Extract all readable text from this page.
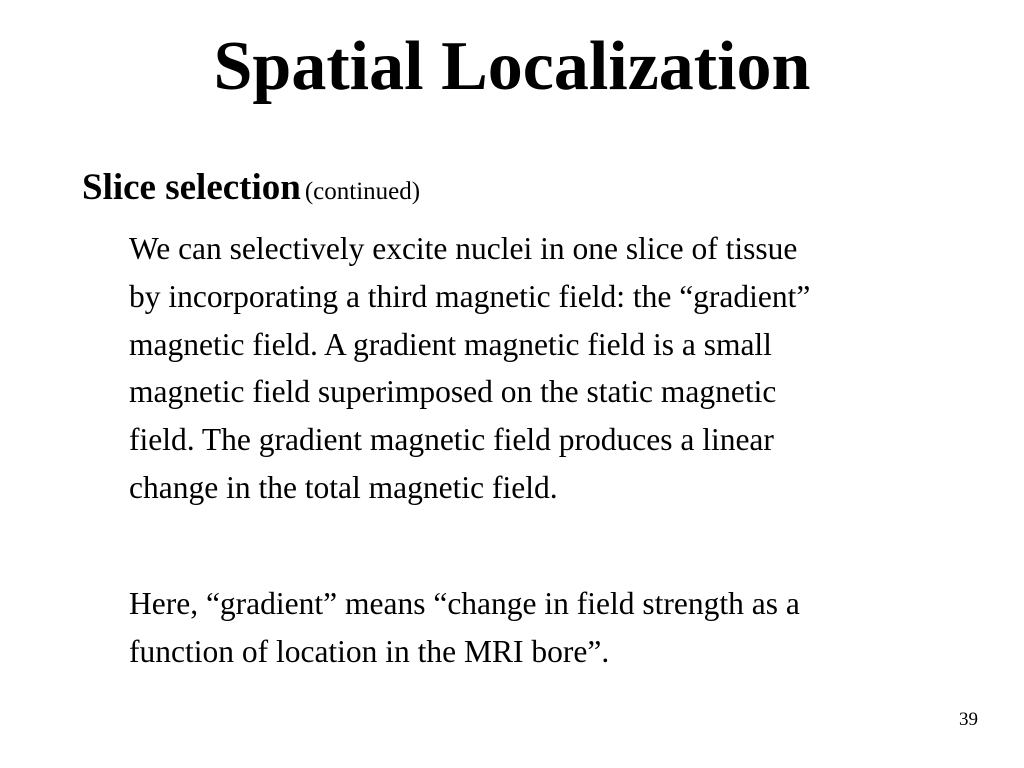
Spatial Localization

Slice selection (continued)

We can selectively excite nuclei in one slice of tissue
by incorporating a third magnetic field: the “gradient”
magnetic field. A gradient magnetic field is a small
magnetic field superimposed on the static magnetic
field. The gradient magnetic field produces a linear
change in the total magnetic field.
Here, “gradient” means “change in field strength as a
function of location in the MRI bore”.

39
